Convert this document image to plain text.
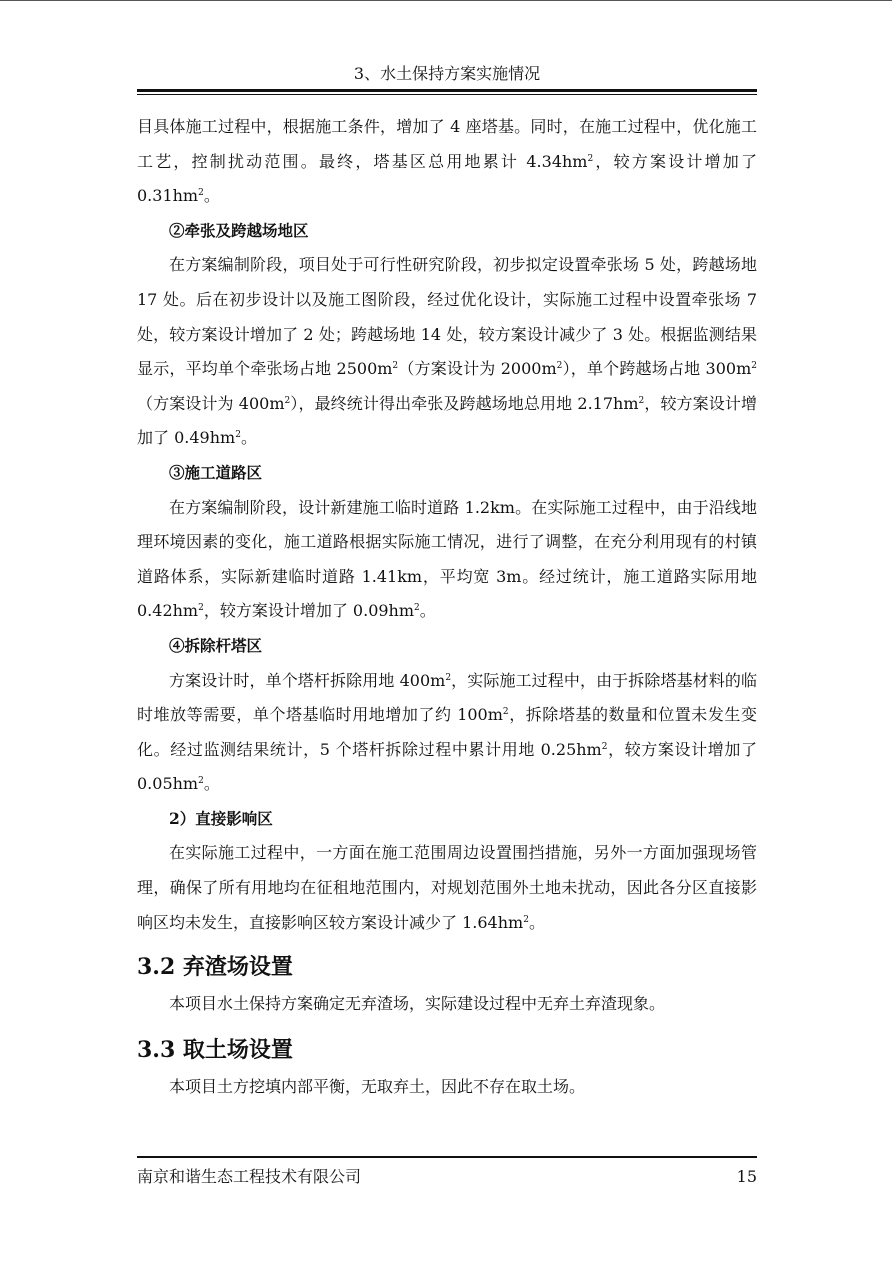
3、水土保持方案实施情况

目具体施工过程中，根据施工条件，增加了 4 座塔基。同时，在施工过程中，优化施工工艺，控制扰动范围。最终，塔基区总用地累计 $4.34hm^2$，较方案设计增加了 $0.31hm^2$。

②牵张及跨越场地区

在方案编制阶段，项目处于可行性研究阶段，初步拟定设置牵张场 5 处，跨越场地 17 处。后在初步设计以及施工图阶段，经过优化设计，实际施工过程中设置牵张场 7 处，较方案设计增加了 2 处；跨越场地 14 处，较方案设计减少了 3 处。根据监测结果显示，平均单个牵张场占地 $2500m^2$（方案设计为 $2000m^2$），单个跨越场占地 $300m^2$（方案设计为 $400m^2$），最终统计得出牵张及跨越场地总用地 $2.17hm^2$，较方案设计增加了 $0.49hm^2$。

③施工道路区

在方案编制阶段，设计新建施工临时道路 1.2km。在实际施工过程中，由于沿线地理环境因素的变化，施工道路根据实际施工情况，进行了调整，在充分利用现有的村镇道路体系，实际新建临时道路 1.41km，平均宽 3m。经过统计，施工道路实际用地 $0.42hm^2$，较方案设计增加了 $0.09hm^2$。

④拆除杆塔区

方案设计时，单个塔杆拆除用地 $400m^2$，实际施工过程中，由于拆除塔基材料的临时堆放等需要，单个塔基临时用地增加了约 $100m^2$，拆除塔基的数量和位置未发生变化。经过监测结果统计，5 个塔杆拆除过程中累计用地 $0.25hm^2$，较方案设计增加了 $0.05hm^2$。

2）直接影响区

在实际施工过程中，一方面在施工范围周边设置围挡措施，另外一方面加强现场管理，确保了所有用地均在征租地范围内，对规划范围外土地未扰动，因此各分区直接影响区均未发生，直接影响区较方案设计减少了 $1.64hm^2$。

3.2 弃渣场设置

本项目水土保持方案确定无弃渣场，实际建设过程中无弃土弃渣现象。

3.3 取土场设置

本项目土方挖填内部平衡，无取弃土，因此不存在取土场。

南京和谐生态工程技术有限公司	15
